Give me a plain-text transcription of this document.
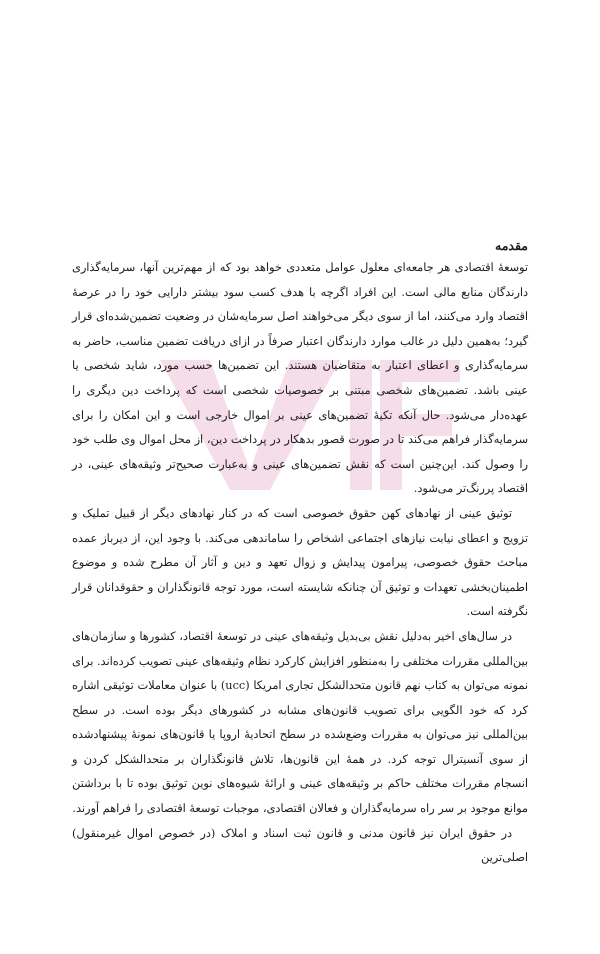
مقدمه

توسعهٔ اقتصادی هر جامعه‌ای معلول عوامل متعددی خواهد بود که از مهم‌ترین آنها، سرمایه‌گذاری دارندگان منابع مالی است. این افراد اگرچه با هدف کسب سود بیشتر دارایی خود را در عرصهٔ اقتصاد وارد می‌کنند، اما از سوی دیگر می‌خواهند اصل سرمایه‌شان در وضعیت تضمین‌شده‌ای قرار گیرد؛ به‌همین دلیل در غالب موارد دارندگان اعتبار صرفاً در ازای دریافت تضمین مناسب، حاضر به سرمایه‌گذاری و اعطای اعتبار به متقاضیان هستند. این تضمین‌ها حسب مورد، شاید شخصی یا عینی باشد. تضمین‌های شخصی مبتنی بر خصوصیات شخصی است که پرداخت دین دیگری را عهده‌دار می‌شود. حال آنکه تکیهٔ تضمین‌های عینی بر اموال خارجی است و این امکان را برای سرمایه‌گذار فراهم می‌کند تا در صورت قصور بدهکار در پرداخت دین، از محل اموال وی طلب خود را وصول کند. این‌چنین است که نقش تضمین‌های عینی و به‌عبارت صحیح‌تر وثیقه‌های عینی، در اقتصاد پررنگ‌تر می‌شود.

توثیق عینی از نهادهای کهن حقوق خصوصی است که در کنار نهادهای دیگر از قبیل تملیک و تزویج و اعطای نیابت نیازهای اجتماعی اشخاص را ساماندهی می‌کند. با وجود این، از دیرباز عمده مباحث حقوق خصوصی، پیرامون پیدایش و زوال تعهد و دین و آثار آن مطرح شده و موضوع اطمینان‌بخشی تعهدات و توثیق آن چنانکه شایسته است، مورد توجه قانونگذاران و حقوقدانان قرار نگرفته است.

در سال‌های اخیر به‌دلیل نقش بی‌بدیل وثیقه‌های عینی در توسعهٔ اقتصاد، کشورها و سازمان‌های بین‌المللی مقررات مختلفی را به‌منظور افزایش کارکرد نظام وثیقه‌های عینی تصویب کرده‌اند. برای نمونه می‌توان به کتاب نهم قانون متحدالشکل تجاری امریکا (ucc) با عنوان معاملات توثیقی اشاره کرد که خود الگویی برای تصویب قانون‌های مشابه در کشورهای دیگر بوده است. در سطح بین‌المللی نیز می‌توان به مقررات وضع‌شده در سطح اتحادیهٔ اروپا یا قانون‌های نمونهٔ پیشنهادشده از سوی آنسیترال توجه کرد. در همهٔ این قانون‌ها، تلاش قانونگذاران بر متحدالشکل کردن و انسجام مقررات مختلف حاکم بر وثیقه‌های عینی و ارائهٔ شیوه‌های نوین توثیق بوده تا با برداشتن موانع موجود بر سر راه سرمایه‌گذاران و فعالان اقتصادی، موجبات توسعهٔ اقتصادی را فراهم آورند.

در حقوق ایران نیز قانون مدنی و قانون ثبت اسناد و املاک (در خصوص اموال غیرمنقول) اصلی‌ترین
